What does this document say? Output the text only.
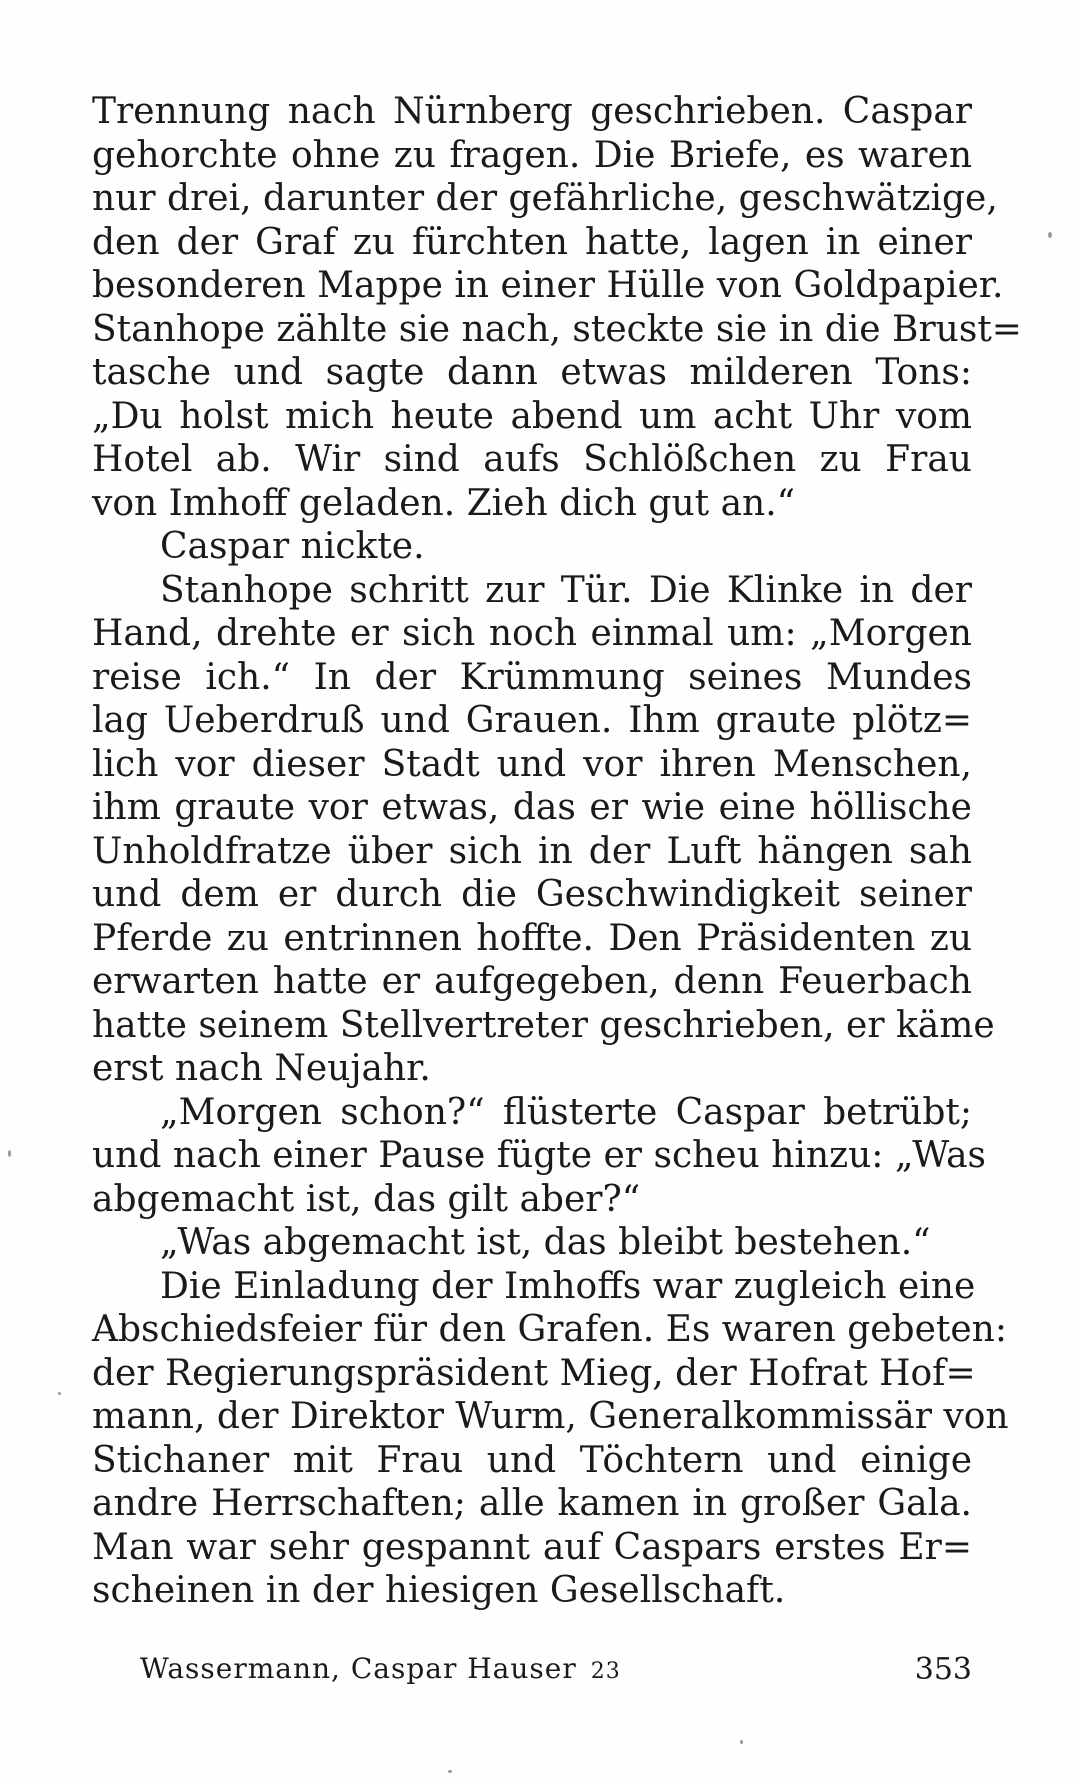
Trennung nach Nürnberg geschrieben. Caspar
gehorchte ohne zu fragen. Die Briefe, es waren
nur drei, darunter der gefährliche, geschwätzige,
den der Graf zu fürchten hatte, lagen in einer
besonderen Mappe in einer Hülle von Goldpapier.
Stanhope zählte sie nach, steckte sie in die Brust=
tasche und sagte dann etwas milderen Tons:
„Du holst mich heute abend um acht Uhr vom
Hotel ab. Wir sind aufs Schlößchen zu Frau
von Imhoff geladen. Zieh dich gut an.“
Caspar nickte.
Stanhope schritt zur Tür. Die Klinke in der
Hand, drehte er sich noch einmal um: „Morgen
reise ich.“ In der Krümmung seines Mundes
lag Ueberdruß und Grauen. Ihm graute plötz=
lich vor dieser Stadt und vor ihren Menschen,
ihm graute vor etwas, das er wie eine höllische
Unholdfratze über sich in der Luft hängen sah
und dem er durch die Geschwindigkeit seiner
Pferde zu entrinnen hoffte. Den Präsidenten zu
erwarten hatte er aufgegeben, denn Feuerbach
hatte seinem Stellvertreter geschrieben, er käme
erst nach Neujahr.
„Morgen schon?“ flüsterte Caspar betrübt;
und nach einer Pause fügte er scheu hinzu: „Was
abgemacht ist, das gilt aber?“
„Was abgemacht ist, das bleibt bestehen.“
Die Einladung der Imhoffs war zugleich eine
Abschiedsfeier für den Grafen. Es waren gebeten:
der Regierungspräsident Mieg, der Hofrat Hof=
mann, der Direktor Wurm, Generalkommissär von
Stichaner mit Frau und Töchtern und einige
andre Herrschaften; alle kamen in großer Gala.
Man war sehr gespannt auf Caspars erstes Er=
scheinen in der hiesigen Gesellschaft.
Wassermann, Caspar Hauser 23	353
